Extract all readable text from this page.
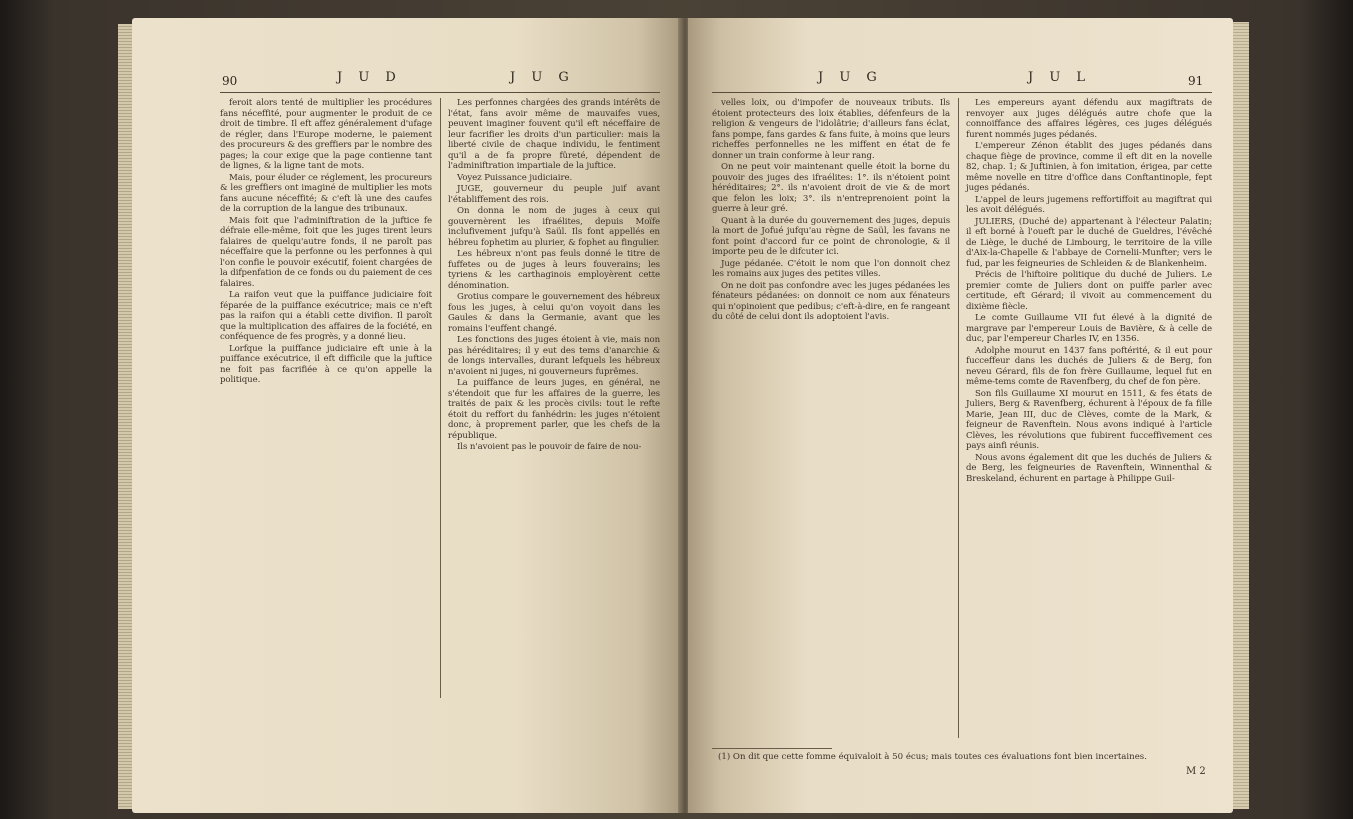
90	J U D	J U G

feroit alors tenté de multiplier les procédures fans néceffité, pour augmenter le produit de ce droit de timbre. Il eft affez généralement d'ufage de régler, dans l'Europe moderne, le paiement des procureurs & des greffiers par le nombre des pages; la cour exige que la page contienne tant de lignes, & la ligne tant de mots.

Mais, pour éluder ce réglement, les procureurs & les greffiers ont imaginé de multiplier les mots fans aucune néceffité; & c'eft là une des caufes de la corruption de la langue des tribunaux.

Mais foit que l'adminiftration de la juftice fe défraie elle-même, foit que les juges tirent leurs falaires de quelqu'autre fonds, il ne paroît pas néceffaire que la perfonne ou les perfonnes à qui l'on confie le pouvoir exécutif, foient chargées de la difpenfation de ce fonds ou du paiement de ces falaires.

La raifon veut que la puiffance judiciaire foit féparée de la puiffance exécutrice; mais ce n'eft pas la raifon qui a établi cette divifion. Il paroît que la multiplication des affaires de la fociété, en conféquence de fes progrès, y a donné lieu.

Lorfque la puiffance judiciaire eft unie à la puiffance exécutrice, il eft difficile que la juftice ne foit pas facrifiée à ce qu'on appelle la politique.

Les perfonnes chargées des grands intérêts de l'état, fans avoir même de mauvaifes vues, peuvent imaginer fouvent qu'il eft néceffaire de leur facrifier les droits d'un particulier: mais la liberté civile de chaque individu, le fentiment qu'il a de fa propre fûreté, dépendent de l'adminiftration impartiale de la juftice.

Voyez Puissance judiciaire.

JUGE, gouverneur du peuple juif avant l'établiffement des rois.

On donna le nom de juges à ceux qui gouvernèrent les ifraélites, depuis Moïfe inclufivement jufqu'à Saül. Ils font appellés en hébreu fophetim au plurier, & fophet au fingulier.

Les hébreux n'ont pas feuls donné le titre de fuffetes ou de juges à leurs fouverains; les tyriens & les carthaginois employèrent cette dénomination.

Grotius compare le gouvernement des hébreux fous les juges, à celui qu'on voyoit dans les Gaules & dans la Germanie, avant que les romains l'euffent changé.

Les fonctions des juges étoient à vie, mais non pas héréditaires; il y eut des tems d'anarchie & de longs intervalles, durant lefquels les hébreux n'avoient ni juges, ni gouverneurs fuprêmes.

La puiffance de leurs juges, en général, ne s'étendoit que fur les affaires de la guerre, les traités de paix & les procès civils: tout le refte étoit du reffort du fanhédrin: les juges n'étoient donc, à proprement parler, que les chefs de la république.

Ils n'avoient pas le pouvoir de faire de nou-

J U G	J U L	91

velles loix, ou d'impofer de nouveaux tributs. Ils étoient protecteurs des loix établies, défenfeurs de la religion & vengeurs de l'idolâtrie; d'ailleurs fans éclat, fans pompe, fans gardes & fans fuite, à moins que leurs richeffes perfonnelles ne les miffent en état de fe donner un train conforme à leur rang.

On ne peut voir maintenant quelle étoit la borne du pouvoir des juges des ifraélites: 1°. ils n'étoient point héréditaires; 2°. ils n'avoient droit de vie & de mort que felon les loix; 3°. ils n'entreprenoient point la guerre à leur gré.

Quant à la durée du gouvernement des juges, depuis la mort de Jofué jufqu'au règne de Saül, les favans ne font point d'accord fur ce point de chronologie, & il importe peu de le difcuter ici.

Juge pédanée. C'étoit le nom que l'on donnoit chez les romains aux juges des petites villes.

On ne doit pas confondre avec les juges pédanées les fénateurs pédanées: on donnoit ce nom aux fénateurs qui n'opinoient que pedibus; c'eft-à-dire, en fe rangeant du côté de celui dont ils adoptoient l'avis.

Les empereurs ayant défendu aux magiftrats de renvoyer aux juges délégués autre chofe que la connoiffance des affaires légères, ces juges délégués furent nommés juges pédanés.

L'empereur Zénon établit des juges pédanés dans chaque fiège de province, comme il eft dit en la novelle 82, chap. 1; & Juftinien, à fon imitation, érigea, par cette même novelle en titre d'office dans Conftantinople, fept juges pédanés.

L'appel de leurs jugemens reffortiffoit au magiftrat qui les avoit délégués.

JULIERS, (Duché de) appartenant à l'électeur Palatin; il eft borné à l'oueft par le duché de Gueldres, l'évêché de Liège, le duché de Limbourg, le territoire de la ville d'Aix-la-Chapelle & l'abbaye de Cornelii-Munfter; vers le fud, par les feigneuries de Schleiden & de Blankenheim.

Précis de l'hiftoire politique du duché de Juliers. Le premier comte de Juliers dont on puiffe parler avec certitude, eft Gérard; il vivoit au commencement du dixième fiècle.

Le comte Guillaume VII fut élevé à la dignité de margrave par l'empereur Louis de Bavière, & à celle de duc, par l'empereur Charles IV, en 1356.

Adolphe mourut en 1437 fans poftérité, & il eut pour fucceffeur dans les duchés de Juliers & de Berg, fon neveu Gérard, fils de fon frère Guillaume, lequel fut en même-tems comte de Ravenfberg, du chef de fon père.

Son fils Guillaume XI mourut en 1511, & fes états de Juliers, Berg & Ravenfberg, échurent à l'époux de fa fille Marie, Jean III, duc de Clèves, comte de la Mark, & feigneur de Ravenftein. Nous avons indiqué à l'article Clèves, les révolutions que fubirent fucceffivement ces pays ainfi réunis.

Nous avons également dit que les duchés de Juliers & de Berg, les feigneuries de Ravenftein, Winnenthal & Breskeland, échurent en partage à Philippe Guil-

(1) On dit que cette fomme équivaloit à 50 écus; mais toutes ces évaluations font bien incertaines.
M 2
